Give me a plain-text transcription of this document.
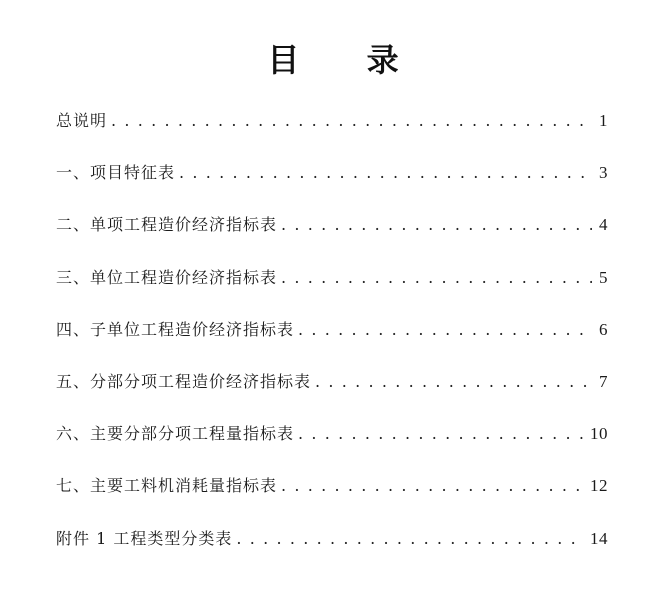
目 录
总说明 . . .	1
一、项目特征表 . . .	3
二、单项工程造价经济指标表 . . .	4
三、单位工程造价经济指标表 . . .	5
四、子单位工程造价经济指标表 . . .	6
五、分部分项工程造价经济指标表 . . .	7
六、主要分部分项工程量指标表 . . .	10
七、主要工料机消耗量指标表 . . .	12
附件 1 工程类型分类表 . . .	14
